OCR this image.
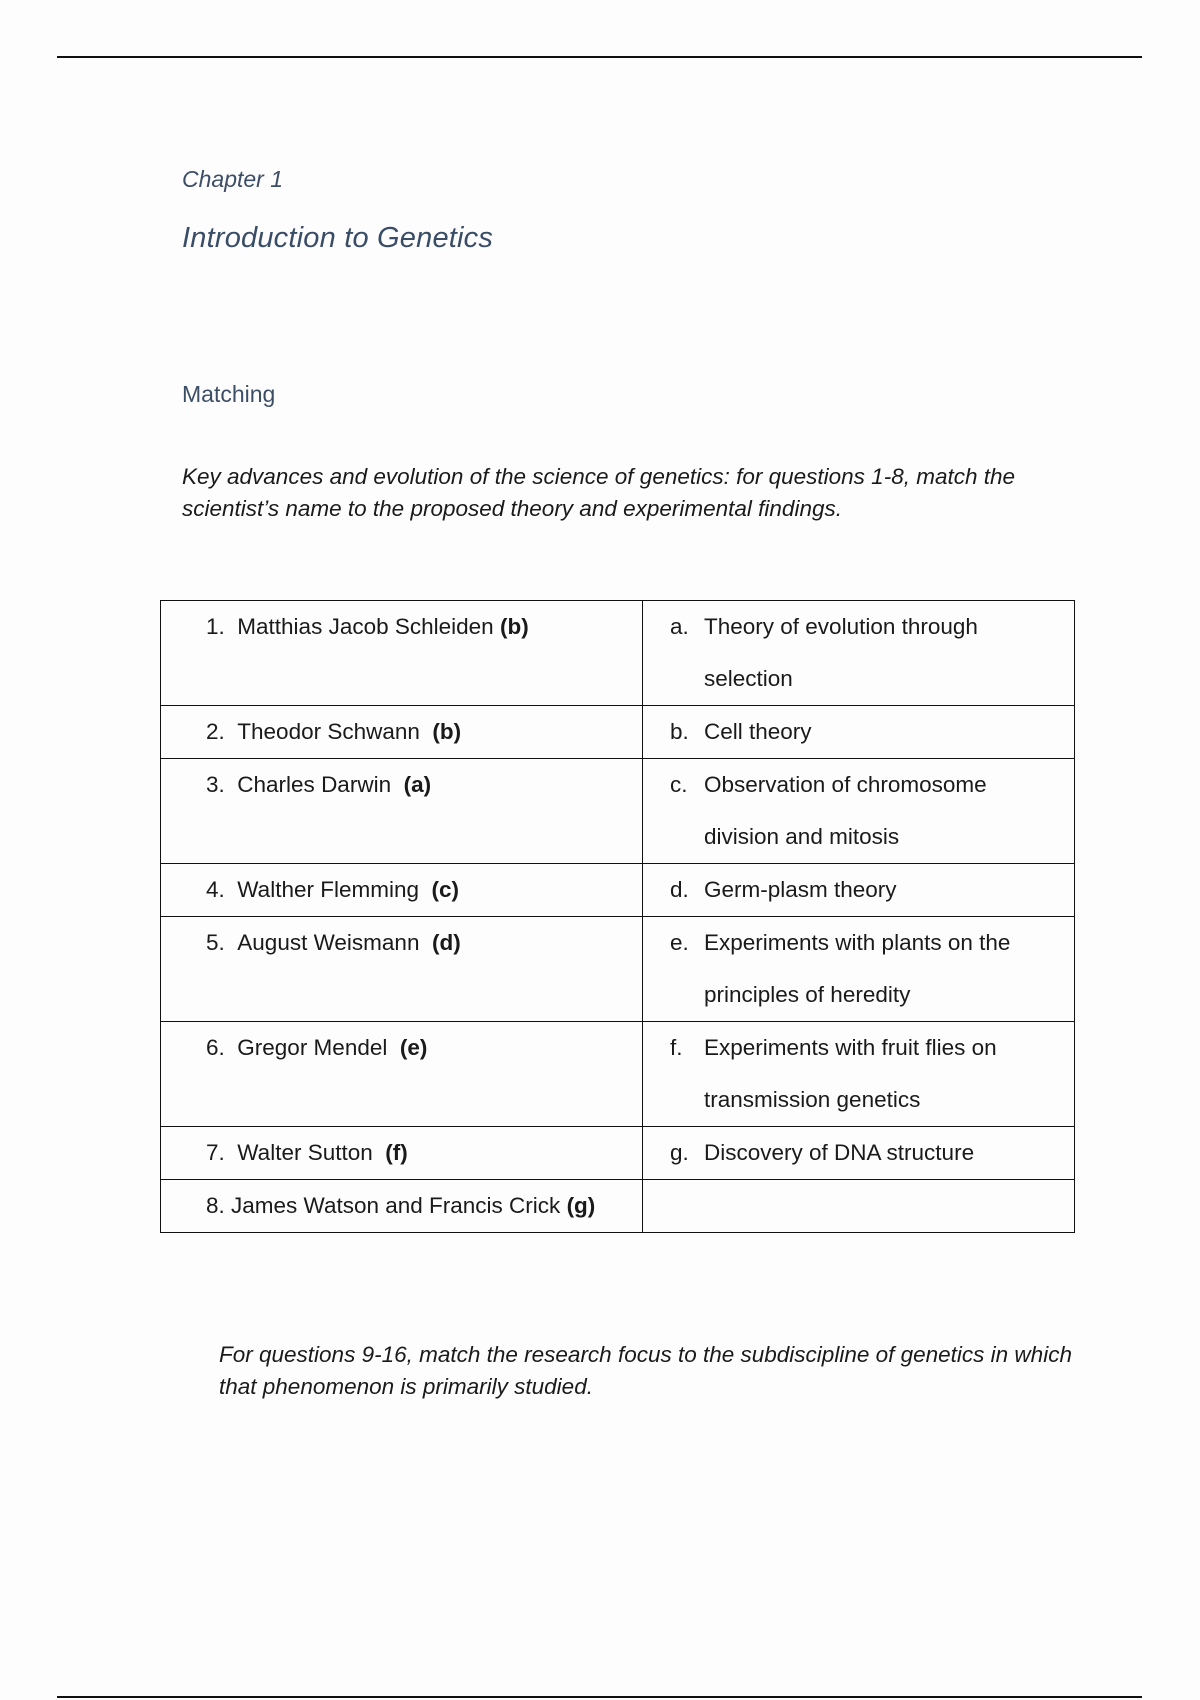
Chapter 1
Introduction to Genetics
Matching
Key advances and evolution of the science of genetics: for questions 1-8, match the scientist’s name to the proposed theory and experimental findings.
1. Matthias Jacob Schleiden (b)	a. Theory of evolution through
selection

2. Theodor Schwann (b)	b. Cell theory

3. Charles Darwin (a)	c. Observation of chromosome
division and mitosis

4. Walther Flemming (c)	d. Germ-plasm theory

5. August Weismann (d)	e. Experiments with plants on the
principles of heredity

6. Gregor Mendel (e)	f. Experiments with fruit flies on
transmission genetics

7. Walter Sutton (f)	g. Discovery of DNA structure

8. James Watson and Francis Crick (g)	

For questions 9-16, match the research focus to the subdiscipline of genetics in which that phenomenon is primarily studied.
